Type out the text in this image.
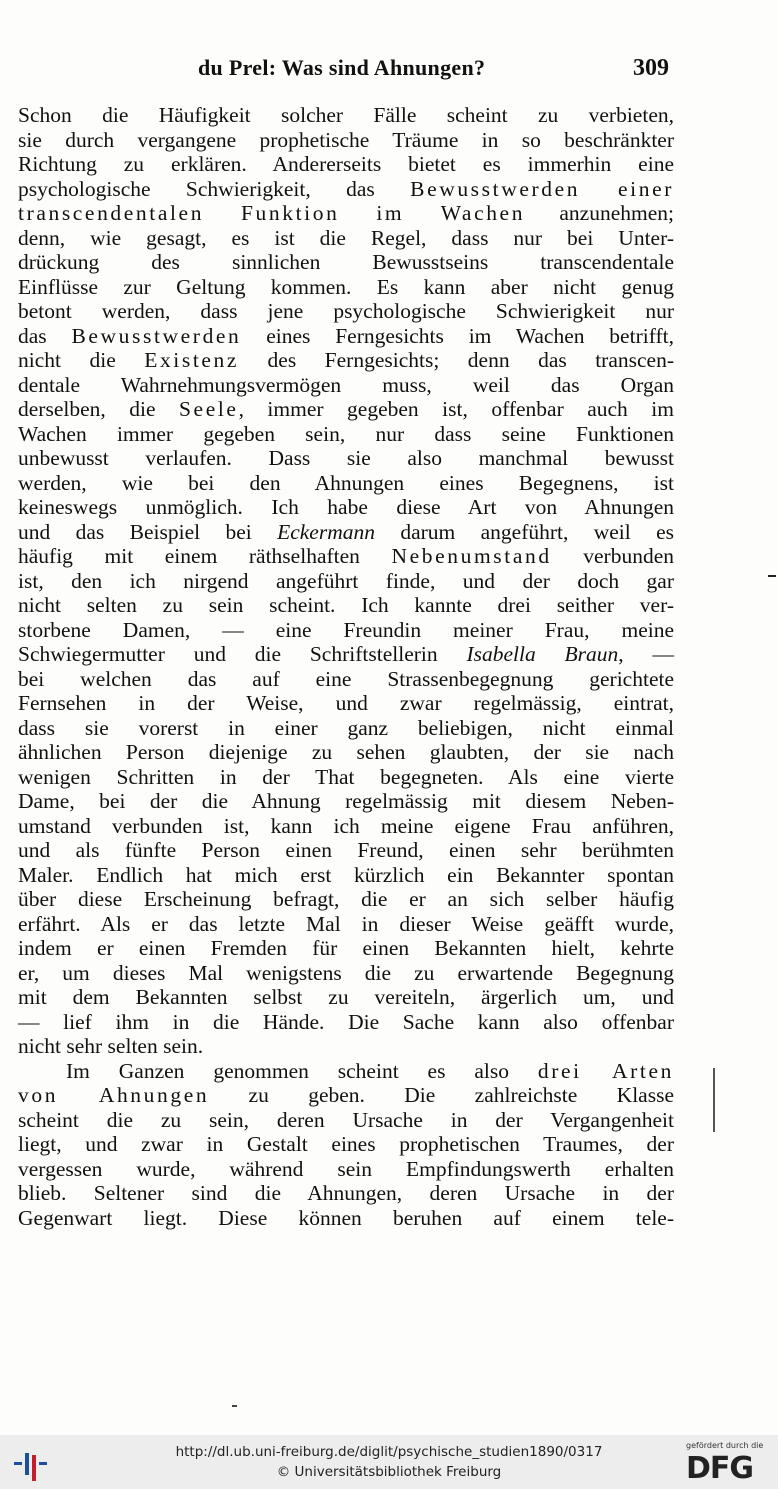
du Prel: Was sind Ahnungen?	309
Schon die Häufigkeit solcher Fälle scheint zu verbieten,
sie durch vergangene prophetische Träume in so beschränkter
Richtung zu erklären. Andererseits bietet es immerhin eine
psychologische Schwierigkeit, das Bewusstwerden einer
transcendentalen Funktion im Wachen anzunehmen;
denn, wie gesagt, es ist die Regel, dass nur bei Unter-
drückung des sinnlichen Bewusstseins transcendentale
Einflüsse zur Geltung kommen. Es kann aber nicht genug
betont werden, dass jene psychologische Schwierigkeit nur
das Bewusstwerden eines Ferngesichts im Wachen betrifft,
nicht die Existenz des Ferngesichts; denn das transcen-
dentale Wahrnehmungsvermögen muss, weil das Organ
derselben, die Seele, immer gegeben ist, offenbar auch im
Wachen immer gegeben sein, nur dass seine Funktionen
unbewusst verlaufen. Dass sie also manchmal bewusst
werden, wie bei den Ahnungen eines Begegnens, ist
keineswegs unmöglich. Ich habe diese Art von Ahnungen
und das Beispiel bei Eckermann darum angeführt, weil es
häufig mit einem räthselhaften Nebenumstand verbunden
ist, den ich nirgend angeführt finde, und der doch gar
nicht selten zu sein scheint. Ich kannte drei seither ver-
storbene Damen, — eine Freundin meiner Frau, meine
Schwiegermutter und die Schriftstellerin Isabella Braun, —
bei welchen das auf eine Strassenbegegnung gerichtete
Fernsehen in der Weise, und zwar regelmässig, eintrat,
dass sie vorerst in einer ganz beliebigen, nicht einmal
ähnlichen Person diejenige zu sehen glaubten, der sie nach
wenigen Schritten in der That begegneten. Als eine vierte
Dame, bei der die Ahnung regelmässig mit diesem Neben-
umstand verbunden ist, kann ich meine eigene Frau anführen,
und als fünfte Person einen Freund, einen sehr berühmten
Maler. Endlich hat mich erst kürzlich ein Bekannter spontan
über diese Erscheinung befragt, die er an sich selber häufig
erfährt. Als er das letzte Mal in dieser Weise geäfft wurde,
indem er einen Fremden für einen Bekannten hielt, kehrte
er, um dieses Mal wenigstens die zu erwartende Begegnung
mit dem Bekannten selbst zu vereiteln, ärgerlich um, und
— lief ihm in die Hände. Die Sache kann also offenbar
nicht sehr selten sein.
Im Ganzen genommen scheint es also drei Arten
von Ahnungen zu geben. Die zahlreichste Klasse
scheint die zu sein, deren Ursache in der Vergangenheit
liegt, und zwar in Gestalt eines prophetischen Traumes, der
vergessen wurde, während sein Empfindungswerth erhalten
blieb. Seltener sind die Ahnungen, deren Ursache in der
Gegenwart liegt. Diese können beruhen auf einem tele-
http://dl.ub.uni-freiburg.de/diglit/psychische_studien1890/0317
© Universitätsbibliothek Freiburg
gefördert durch die
DFG
